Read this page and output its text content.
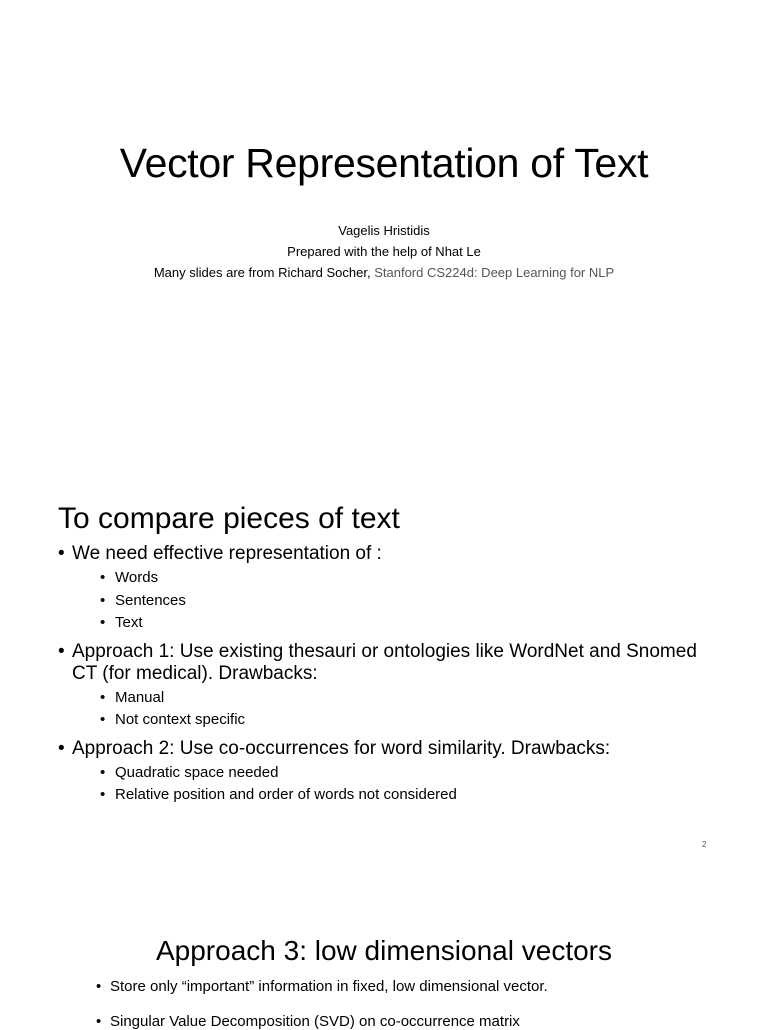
Vector Representation of Text
Vagelis Hristidis
Prepared with the help of Nhat Le
Many slides are from Richard Socher, Stanford CS224d: Deep Learning for NLP
To compare pieces of text
• We need effective representation of :
• Words
• Sentences
• Text
• Approach 1: Use existing thesauri or ontologies like WordNet and Snomed CT (for medical). Drawbacks:
• Manual
• Not context specific
• Approach 2: Use co-occurrences for word similarity. Drawbacks:
• Quadratic space needed
• Relative position and order of words not considered
2
Approach 3: low dimensional vectors
• Store only “important” information in fixed, low dimensional vector.
• Singular Value Decomposition (SVD) on co-occurrence matrix
